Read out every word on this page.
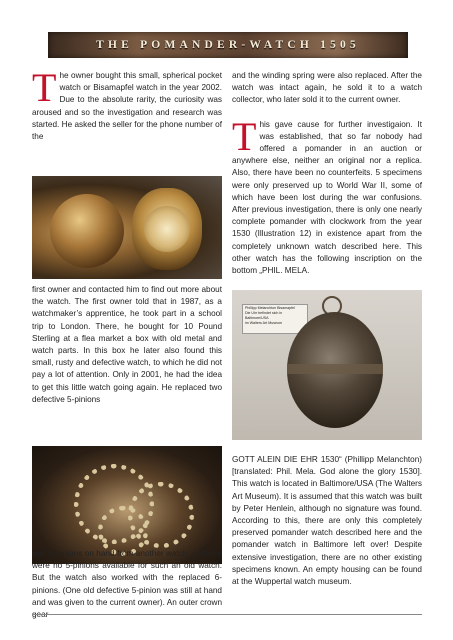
THE POMANDER-WATCH 1505

The owner bought this small, spherical pocket watch or Bisamapfel watch in the year 2002. Due to the absolute rarity, the curiosity was aroused and so the investigation and research was started. He asked the seller for the phone number of the

first owner and contacted him to find out more about the watch. The first owner told that in 1987, as a watchmaker’s apprentice, he took part in a school trip to London. There, he bought for 10 Pound Sterling at a flea market a box with old metal and watch parts. In this box he later also found this small, rusty and defective watch, to which he did not pay a lot of attention. Only in 2001, he had the idea to get this little watch going again. He replaced two defective 5-pinions

with 6-pinions on hand from another watch, as there were no 5-pinions available for such an old watch. But the watch also worked with the replaced 6-pinions. (One old defective 5-pinion was still at hand and was given to the current owner). An outer crown

and the winding spring were also replaced. After the watch was intact again, he sold it to a watch collector, who later sold it to the current owner.

This gave cause for further investigaion. It was established, that so far nobody had offered a pomander in an auction or anywhere else, neither an original nor a replica. Also, there have been no counterfeits. 5 specimens were only preserved up to World War II, some of which have been lost during the war confusions. After previous investigation, there is only one nearly complete pomander with clockwork from the year 1530 (Illustration 12) in existence apart from the completely unknown watch described here. This other watch has the following inscription on the bottom „PHIL. MELA.

Phillipp Melanchton Bisamapfel
Die Uhr befindet sich in Baltimore/USA
im Walters Art Museum

GOTT ALEIN DIE EHR 1530“ (Phillipp Melanchton) [translated: Phil. Mela. God alone the glory 1530]. This watch is located in Baltimore/USA (The Walters Art Museum). It is assumed that this watch was built by Peter Henlein, although no signature was found. According to this, there are only this completely preserved pomander watch described here and the pomander watch in Baltimore left over! Despite extensive investigation, there are no other existing specimens known. An empty housing can be found at the Wuppertal watch museum.
